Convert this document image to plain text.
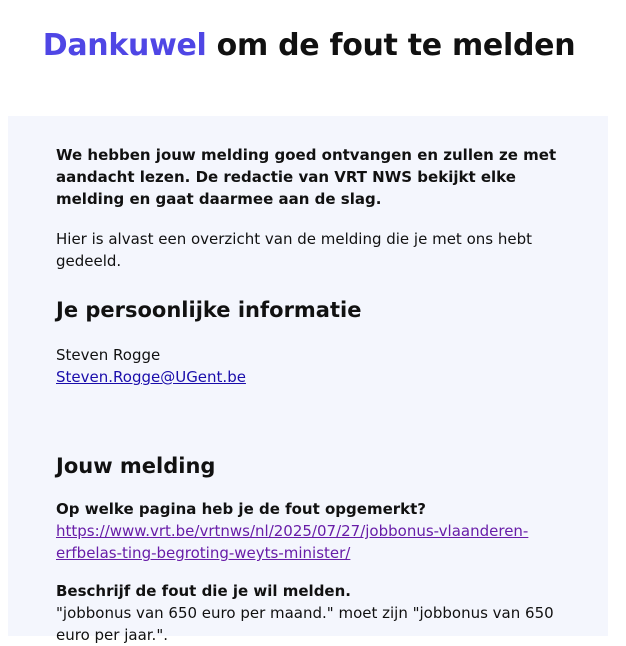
Dankuwel om de fout te melden

We hebben jouw melding goed ontvangen en zullen ze met aandacht lezen. De redactie van VRT NWS bekijkt elke melding en gaat daarmee aan de slag.

Hier is alvast een overzicht van de melding die je met ons hebt gedeeld.

Je persoonlijke informatie
Steven Rogge
Steven.Rogge@UGent.be
Jouw melding

Op welke pagina heb je de fout opgemerkt?

https://www.vrt.be/vrtnws/nl/2025/07/27/jobbonus-vlaanderen-erfbelas-ting-begroting-weyts-minister/

Beschrijf de fout die je wil melden.

"jobbonus van 650 euro per maand." moet zijn "jobbonus van 650 euro per jaar.".
